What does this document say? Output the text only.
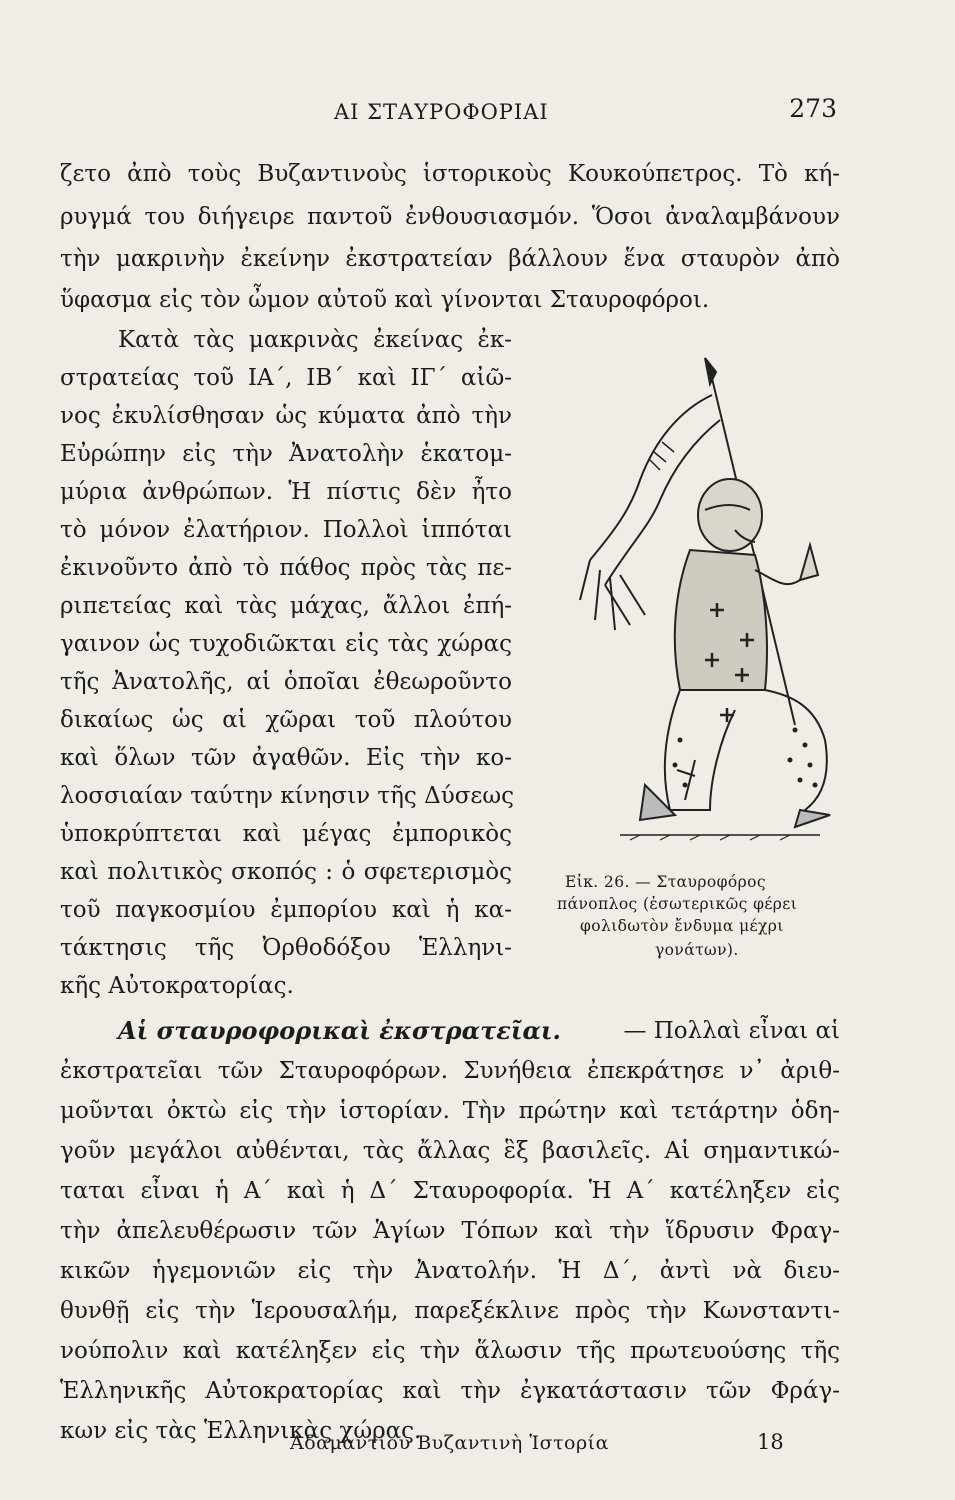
ΑΙ ΣΤΑΥΡΟΦΟΡΙΑΙ	273
ζετο ἀπὸ τοὺς Βυζαντινοὺς ἱστορικοὺς Κουκούπετρος. Τὸ κή-
ρυγμά του διήγειρε παντοῦ ἐνθουσιασμόν. Ὅσοι ἀναλαμβάνουν
τὴν μακρινὴν ἐκείνην ἐκστρατείαν βάλλουν ἕνα σταυρὸν ἀπὸ
ὕφασμα εἰς τὸν ὦμον αὐτοῦ καὶ γίνονται Σταυροφόροι.
Κατὰ τὰς μακρινὰς ἐκείνας ἐκ-
στρατείας τοῦ ΙΑ΄, ΙΒ΄ καὶ ΙΓ΄ αἰῶ-
νος ἐκυλίσθησαν ὡς κύματα ἀπὸ τὴν
Εὐρώπην εἰς τὴν Ἀνατολὴν ἑκατομ-
μύρια ἀνθρώπων. Ἡ πίστις δὲν ἦτο
τὸ μόνον ἐλατήριον. Πολλοὶ ἱππόται
ἐκινοῦντο ἀπὸ τὸ πάθος πρὸς τὰς πε-
ριπετείας καὶ τὰς μάχας, ἄλλοι ἐπή-
γαινον ὡς τυχοδιῶκται εἰς τὰς χώρας
τῆς Ἀνατολῆς, αἱ ὁποῖαι ἐθεωροῦντο
δικαίως ὡς αἱ χῶραι τοῦ πλούτου
καὶ ὅλων τῶν ἀγαθῶν. Εἰς τὴν κο-
λοσσιαίαν ταύτην κίνησιν τῆς Δύσεως
ὑποκρύπτεται καὶ μέγας ἐμπορικὸς
καὶ πολιτικὸς σκοπός : ὁ σφετερισμὸς
τοῦ παγκοσμίου ἐμπορίου καὶ ἡ κα-
τάκτησις τῆς Ὀρθοδόξου Ἑλληνι-
κῆς Αὐτοκρατορίας.
Εἰκ. 26. — Σταυροφόρος
πάνοπλος (ἐσωτερικῶς φέρει
φολιδωτὸν ἔνδυμα μέχρι
γονάτων).
Αἱ σταυροφορικαὶ ἐκστρατεῖαι.	— Πολλαὶ εἶναι αἱ
ἐκστρατεῖαι τῶν Σταυροφόρων. Συνήθεια ἐπεκράτησε ν᾽ ἀριθ-
μοῦνται ὀκτὼ εἰς τὴν ἱστορίαν. Τὴν πρώτην καὶ τετάρτην ὁδη-
γοῦν μεγάλοι αὐθένται, τὰς ἄλλας ἓξ βασιλεῖς. Αἱ σημαντικώ-
ταται εἶναι ἡ Α΄ καὶ ἡ Δ΄ Σταυροφορία. Ἡ Α΄ κατέληξεν εἰς
τὴν ἀπελευθέρωσιν τῶν Ἁγίων Τόπων καὶ τὴν ἵδρυσιν Φραγ-
κικῶν ἡγεμονιῶν εἰς τὴν Ἀνατολήν. Ἡ Δ΄, ἀντὶ νὰ διευ-
θυνθῇ εἰς τὴν Ἱερουσαλήμ, παρεξέκλινε πρὸς τὴν Κωνσταντι-
νούπολιν καὶ κατέληξεν εἰς τὴν ἅλωσιν τῆς πρωτευούσης τῆς
Ἑλληνικῆς Αὐτοκρατορίας καὶ τὴν ἐγκατάστασιν τῶν Φράγ-
κων εἰς τὰς Ἑλληνικὰς χώρας.
Ἀδαμαντίου Βυζαντινὴ Ἱστορία	18
